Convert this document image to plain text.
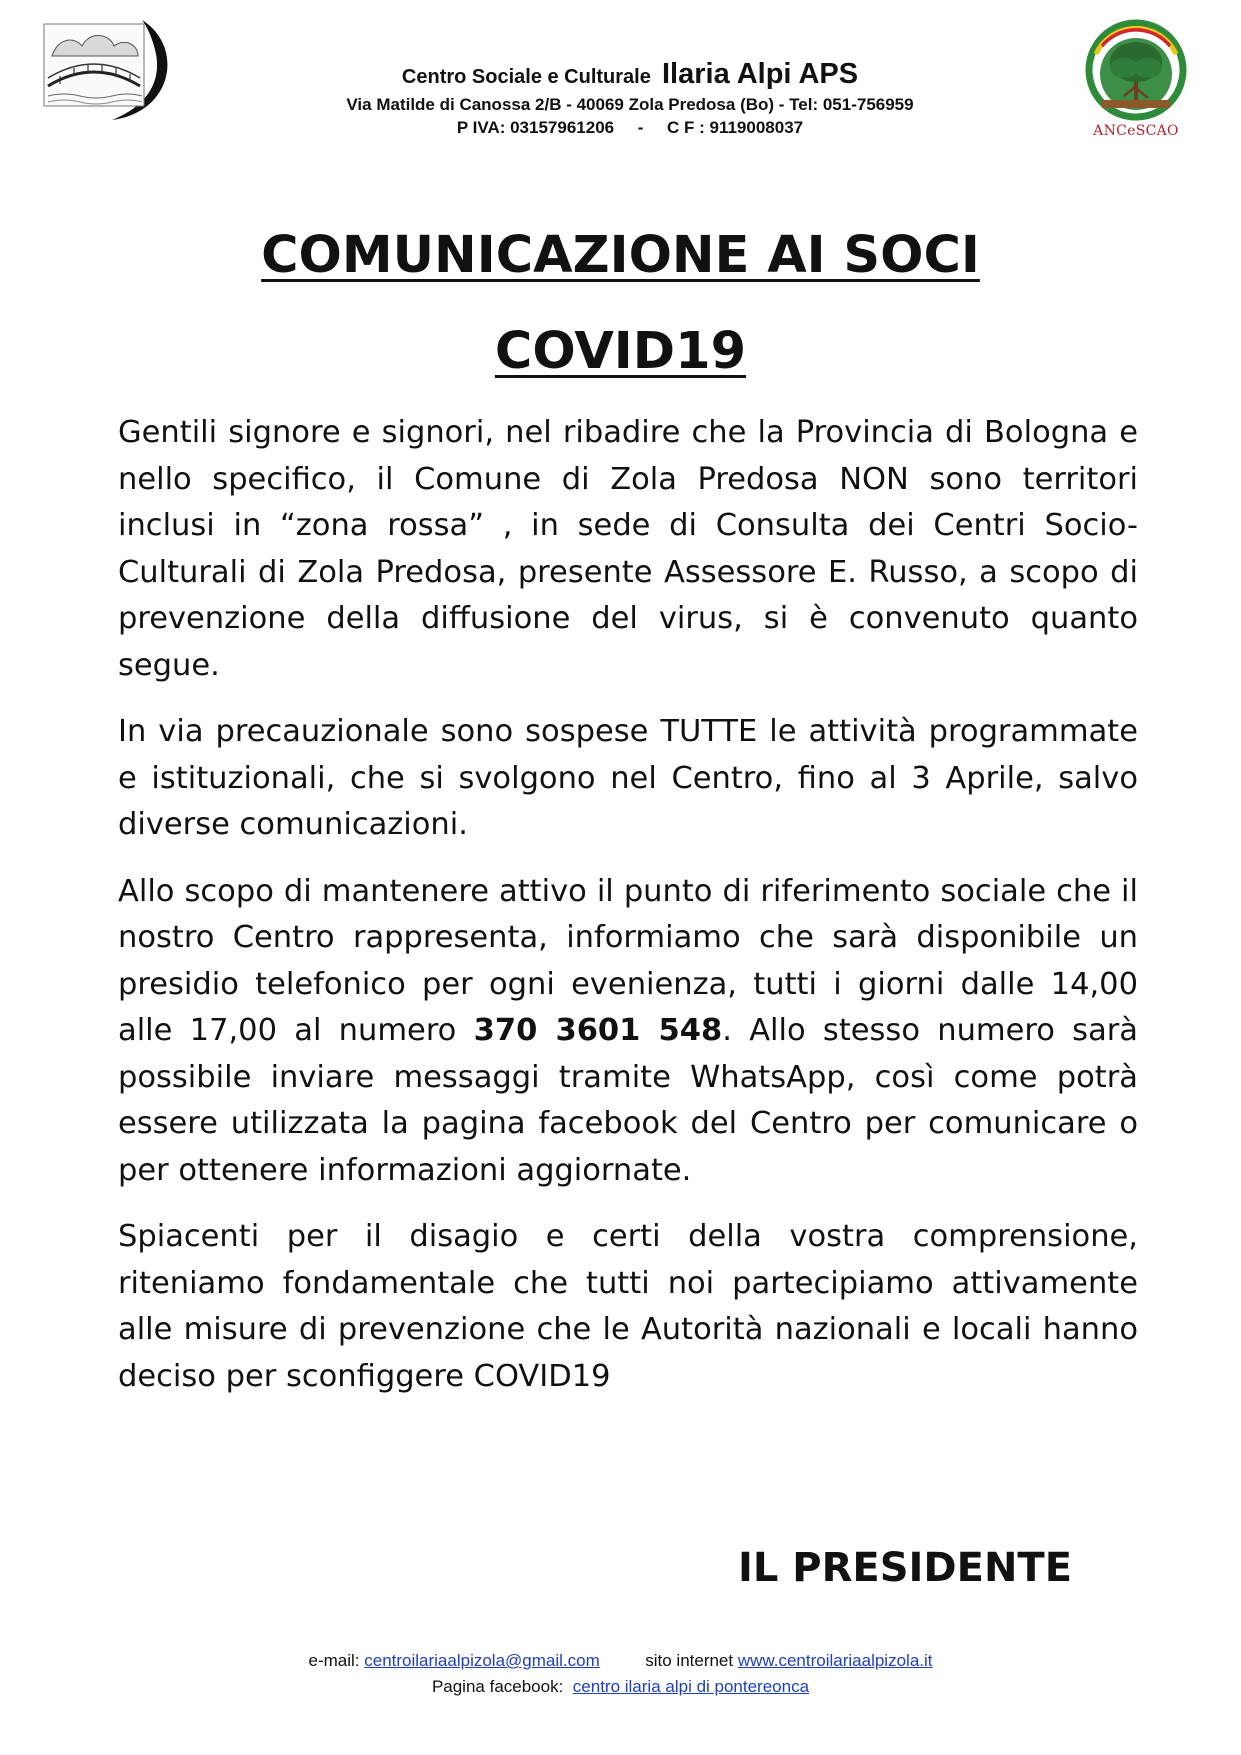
Centro Sociale e Culturale Ilaria Alpi APS
Via Matilde di Canossa 2/B - 40069 Zola Predosa (Bo) - Tel: 051-756959
P IVA: 03157961206     -     C F : 9119008037	ANCeSCAO
COMUNICAZIONE AI SOCI
COVID19

Gentili signore e signori, nel ribadire che la Provincia di Bologna e nello specifico, il Comune di Zola Predosa NON sono territori inclusi in “zona rossa” , in sede di Consulta dei Centri Socio-Culturali di Zola Predosa, presente Assessore E. Russo, a scopo di prevenzione della diffusione del virus, si è convenuto quanto segue.

In via precauzionale sono sospese TUTTE le attività programmate e istituzionali, che si svolgono nel Centro, fino al 3 Aprile, salvo diverse comunicazioni.

Allo scopo di mantenere attivo il punto di riferimento sociale che il nostro Centro rappresenta, informiamo che sarà disponibile un presidio telefonico per ogni evenienza, tutti i giorni dalle 14,00 alle 17,00 al numero 370 3601 548. Allo stesso numero sarà possibile inviare messaggi tramite WhatsApp, così come potrà essere utilizzata la pagina facebook del Centro per comunicare o per ottenere informazioni aggiornate.

Spiacenti per il disagio e certi della vostra comprensione, riteniamo fondamentale che tutti noi partecipiamo attivamente alle misure di prevenzione che le Autorità nazionali e locali hanno deciso per sconfiggere COVID19

IL PRESIDENTE
e-mail: centroilariaalpizola@gmail.com	sito internet www.centroilariaalpizola.it
Pagina facebook: centro ilaria alpi di pontereonca
